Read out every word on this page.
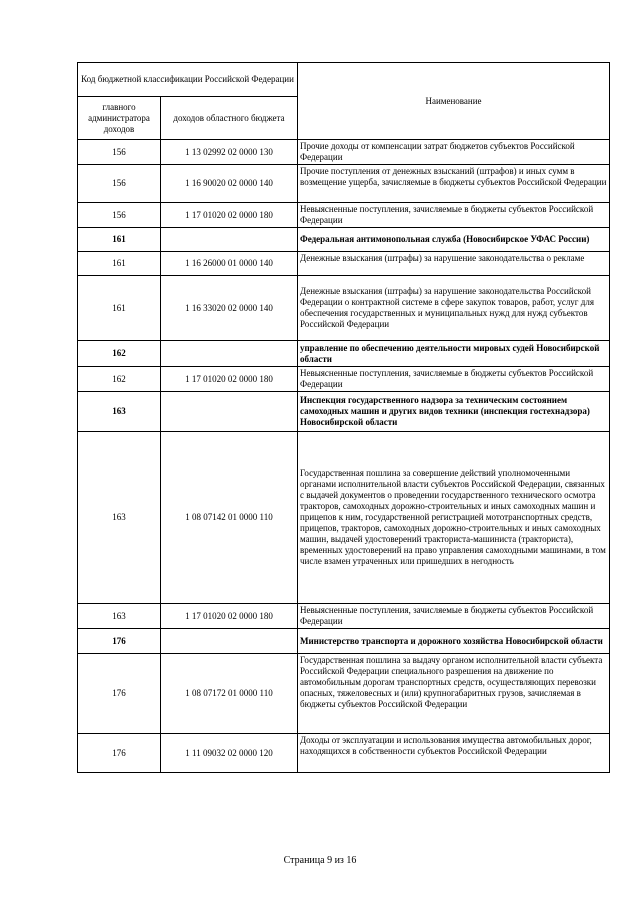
Код бюджетной классификации Российской Федерации		Наименование
главного администратора доходов	доходов областного бюджета	
156	1 13 02992 02 0000 130	Прочие доходы от компенсации затрат бюджетов субъектов Российской Федерации
156	1 16 90020 02 0000 140	Прочие поступления от денежных взысканий (штрафов) и иных сумм в возмещение ущерба, зачисляемые в бюджеты субъектов Российской Федерации
156	1 17 01020 02 0000 180	Невыясненные поступления, зачисляемые в бюджеты субъектов Российской Федерации
161		Федеральная антимонопольная служба (Новосибирское УФАС России)
161	1 16 26000 01 0000 140	Денежные взыскания (штрафы) за нарушение законодательства о рекламе
161	1 16 33020 02 0000 140	Денежные взыскания (штрафы) за нарушение законодательства Российской Федерации о контрактной системе в сфере закупок товаров, работ, услуг для обеспечения государственных и муниципальных нужд для нужд субъектов Российской Федерации
162		управление по обеспечению деятельности мировых судей Новосибирской области
162	1 17 01020 02 0000 180	Невыясненные поступления, зачисляемые в бюджеты субъектов Российской Федерации
163		Инспекция государственного надзора за техническим состоянием самоходных машин и других видов техники (инспекция гостехнадзора) Новосибирской области
163	1 08 07142 01 0000 110	Государственная пошлина за совершение действий уполномоченными органами исполнительной власти субъектов Российской Федерации, связанных с выдачей документов о проведении государственного технического осмотра тракторов, самоходных дорожно-строительных и иных самоходных машин и прицепов к ним, государственной регистрацией мототранспортных средств, прицепов, тракторов, самоходных дорожно-строительных и иных самоходных машин, выдачей удостоверений тракториста-машиниста (тракториста), временных удостоверений на право управления самоходными машинами, в том числе взамен утраченных или пришедших в негодность
163	1 17 01020 02 0000 180	Невыясненные поступления, зачисляемые в бюджеты субъектов Российской Федерации
176		Министерство транспорта и дорожного хозяйства Новосибирской области
176	1 08 07172 01 0000 110	Государственная пошлина за выдачу органом исполнительной власти субъекта Российской Федерации специального разрешения на движение по автомобильным дорогам транспортных средств, осуществляющих перевозки опасных, тяжеловесных и (или) крупногабаритных грузов, зачисляемая в бюджеты субъектов Российской Федерации
176	1 11 09032 02 0000 120	Доходы от эксплуатации и использования имущества автомобильных дорог, находящихся в собственности субъектов Российской Федерации
Страница 9 из 16
